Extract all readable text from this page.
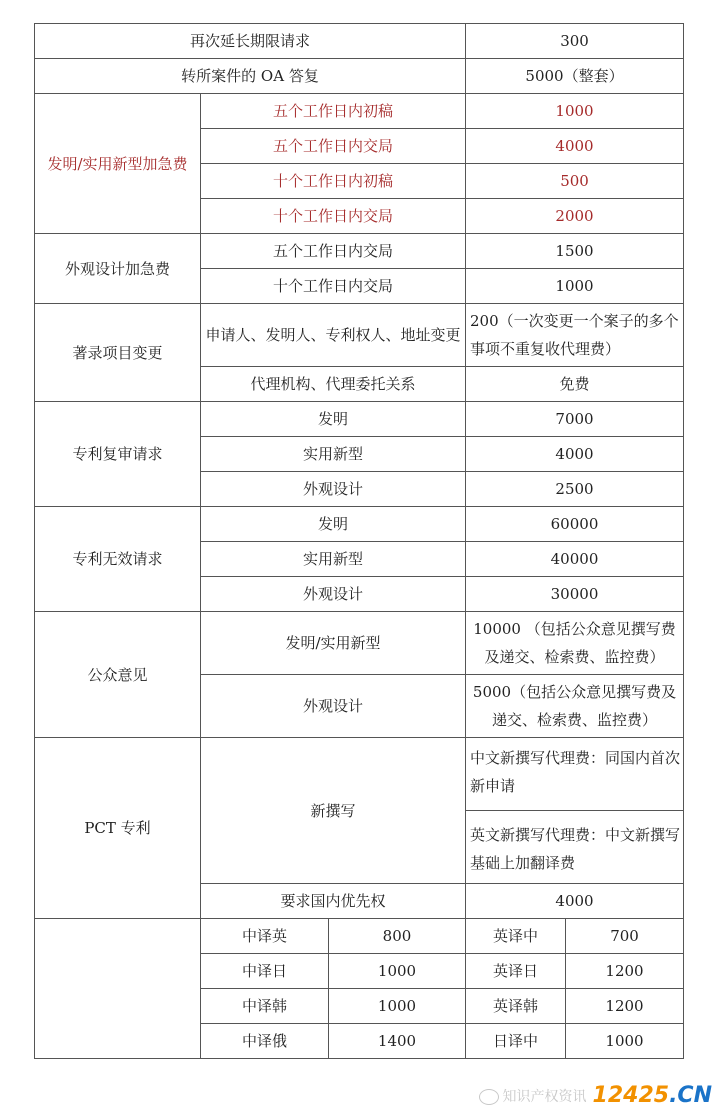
再次延长期限请求			300	
转所案件的 OA 答复			5000（整套）	
发明/实用新型加急费	五个工作日内初稿		1000	
	五个工作日内交局		4000	
	十个工作日内初稿		500	
	十个工作日内交局		2000	
外观设计加急费	五个工作日内交局		1500	
	十个工作日内交局		1000	
著录项目变更	申请人、发明人、专利权人、地址变更		200（一次变更一个案子的多个事项不重复收代理费）	
	代理机构、代理委托关系		免费	
专利复审请求	发明		7000	
	实用新型		4000	
	外观设计		2500	
专利无效请求	发明		60000	
	实用新型		40000	
	外观设计		30000	
公众意见	发明/实用新型		10000 （包括公众意见撰写费及递交、检索费、监控费）	
	外观设计		5000（包括公众意见撰写费及递交、检索费、监控费）	
PCT 专利	新撰写		中文新撰写代理费：同国内首次新申请	
			英文新撰写代理费：中文新撰写基础上加翻译费	
	要求国内优先权		4000	
	中译英	800	英译中	700
	中译日	1000	英译日	1200
	中译韩	1000	英译韩	1200
	中译俄	1400	日译中	1000
知识产权资讯 12425.CN
